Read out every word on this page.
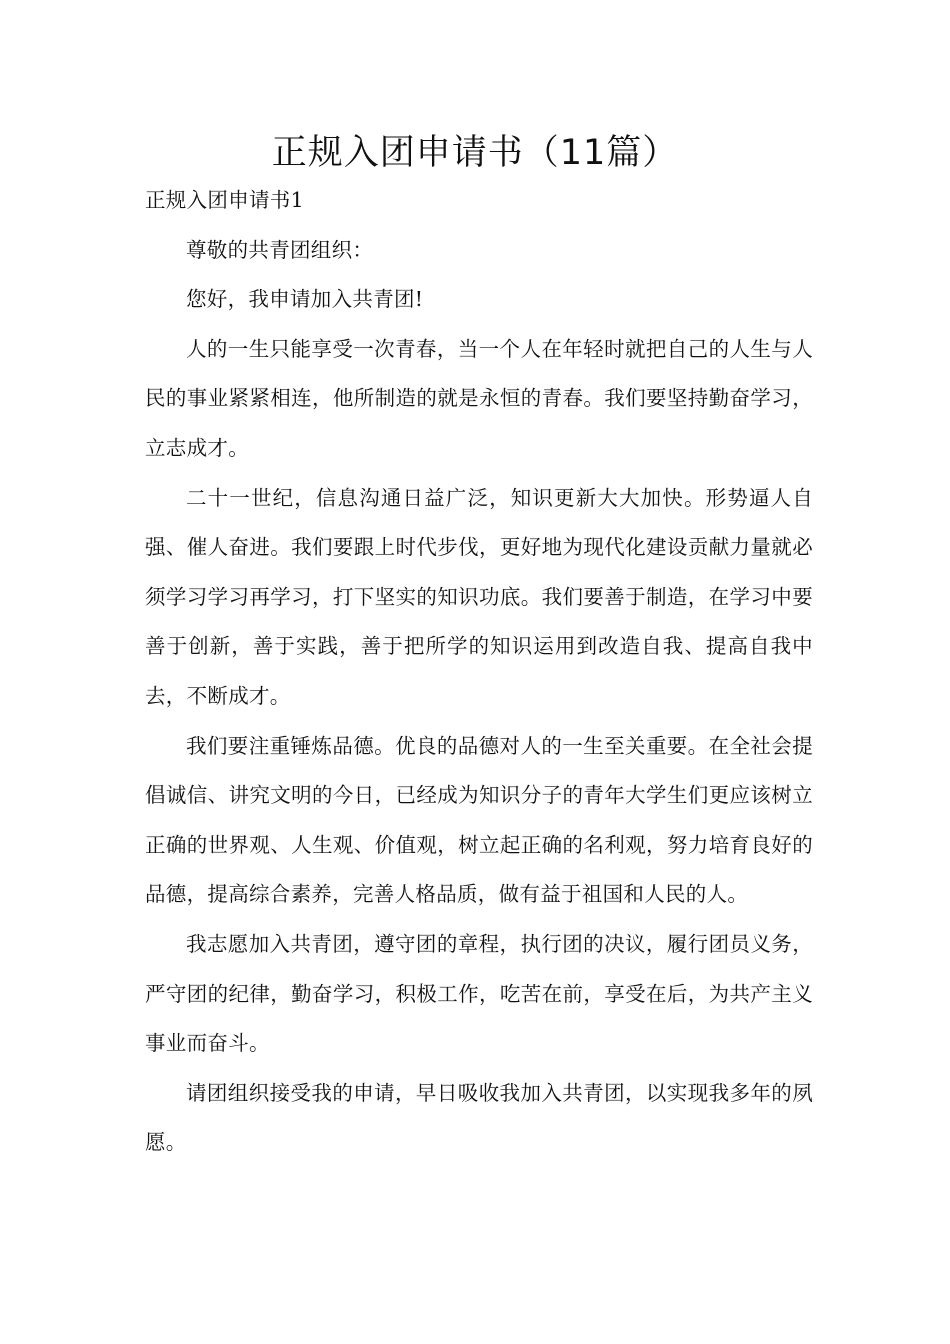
正规入团申请书（11篇）

正规入团申请书1

尊敬的共青团组织：

您好，我申请加入共青团!

人的一生只能享受一次青春，当一个人在年轻时就把自己的人生与人民的事业紧紧相连，他所制造的就是永恒的青春。我们要坚持勤奋学习，立志成才。

二十一世纪，信息沟通日益广泛，知识更新大大加快。形势逼人自强、催人奋进。我们要跟上时代步伐，更好地为现代化建设贡献力量就必须学习学习再学习，打下坚实的知识功底。我们要善于制造，在学习中要善于创新，善于实践，善于把所学的知识运用到改造自我、提高自我中去，不断成才。

我们要注重锤炼品德。优良的品德对人的一生至关重要。在全社会提倡诚信、讲究文明的今日，已经成为知识分子的青年大学生们更应该树立正确的世界观、人生观、价值观，树立起正确的名利观，努力培育良好的品德，提高综合素养，完善人格品质，做有益于祖国和人民的人。

我志愿加入共青团，遵守团的章程，执行团的决议，履行团员义务，严守团的纪律，勤奋学习，积极工作，吃苦在前，享受在后，为共产主义事业而奋斗。

请团组织接受我的申请，早日吸收我加入共青团，以实现我多年的夙愿。
